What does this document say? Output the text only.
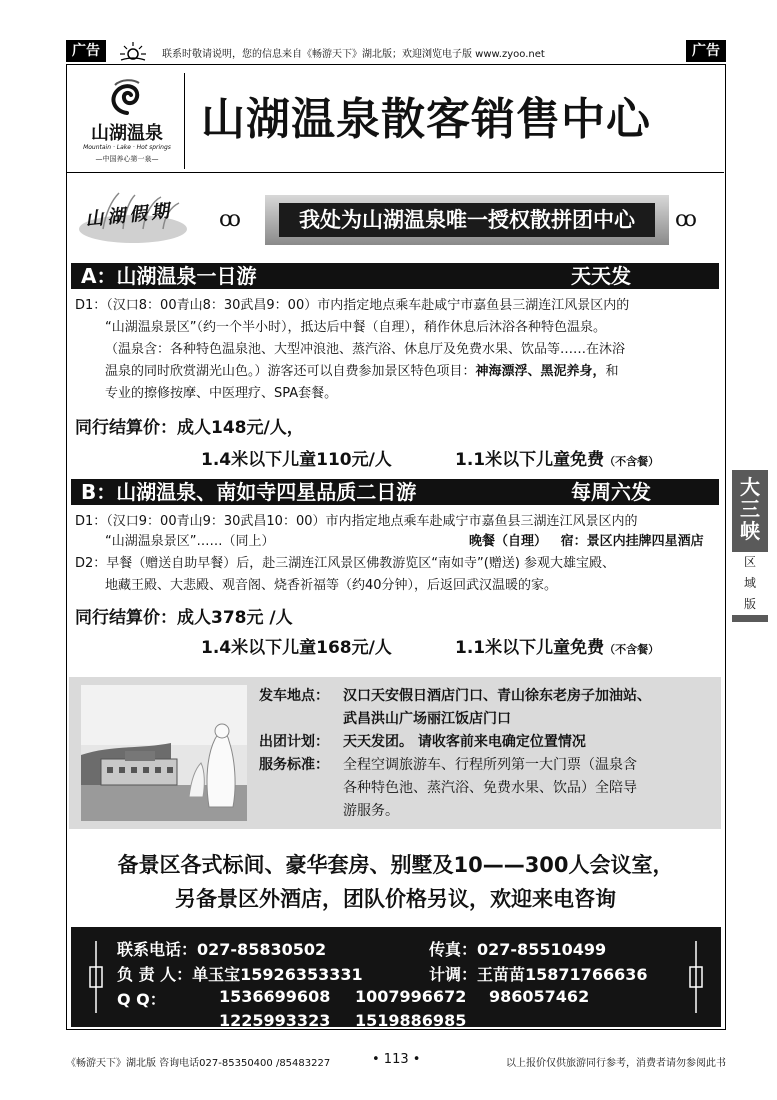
广告	联系时敬请说明，您的信息来自《畅游天下》湖北版；欢迎浏览电子版 www.zyoo.net	广告
山湖温泉
Mountain · Lake · Hot springs
—中国养心第一泉—
山湖温泉散客销售中心
山湖假期 ꝏ	我处为山湖温泉唯一授权散拼团中心	ꝏ
A：山湖温泉一日游	天天发
D1：（汉口8：00青山8：30武昌9：00）市内指定地点乘车赴咸宁市嘉鱼县三湖连江风景区内的
“山湖温泉景区”（约一个半小时），抵达后中餐（自理），稍作休息后沐浴各种特色温泉。
（温泉含：各种特色温泉池、大型冲浪池、蒸汽浴、休息厅及免费水果、饮品等……在沐浴
温泉的同时欣赏湖光山色。）游客还可以自费参加景区特色项目：神海漂浮、黑泥养身，和
专业的擦修按摩、中医理疗、SPA套餐。
同行结算价：成人148元/人，
1.4米以下儿童110元/人	1.1米以下儿童免费（不含餐）
B：山湖温泉、南如寺四星品质二日游	每周六发
D1：（汉口9：00青山9：30武昌10：00）市内指定地点乘车赴咸宁市嘉鱼县三湖连江风景区内的
“山湖温泉景区”……（同上）	晚餐（自理） 宿：景区内挂牌四星酒店
D2：早餐（赠送自助早餐）后，赴三湖连江风景区佛教游览区“南如寺”(赠送) 参观大雄宝殿、
地藏王殿、大悲殿、观音阁、烧香祈福等（约40分钟），后返回武汉温暖的家。
同行结算价：成人378元 /人
1.4米以下儿童168元/人	1.1米以下儿童免费（不含餐）
发车地点： 汉口天安假日酒店门口、青山徐东老房子加油站、
武昌洪山广场丽江饭店门口
出团计划： 天天发团。 请收客前来电确定位置情况
服务标准： 全程空调旅游车、行程所列第一大门票（温泉含
各种特色池、蒸汽浴、免费水果、饮品）全陪导
游服务。
备景区各式标间、豪华套房、别墅及10——300人会议室，
另备景区外酒店，团队价格另议，欢迎来电咨询
联系电话：027-85830502	传真：027-85510499
负 责 人：单玉宝15926353331	计调：王苗苗15871766636
Q Q：	1536699608 1007996672 986057462
1225993323 1519886985
大
三
峡
区
域
版
《畅游天下》湖北版 咨询电话027-85350400 /85483227	• 113 •	以上报价仅供旅游同行参考，消费者请勿参阅此书
